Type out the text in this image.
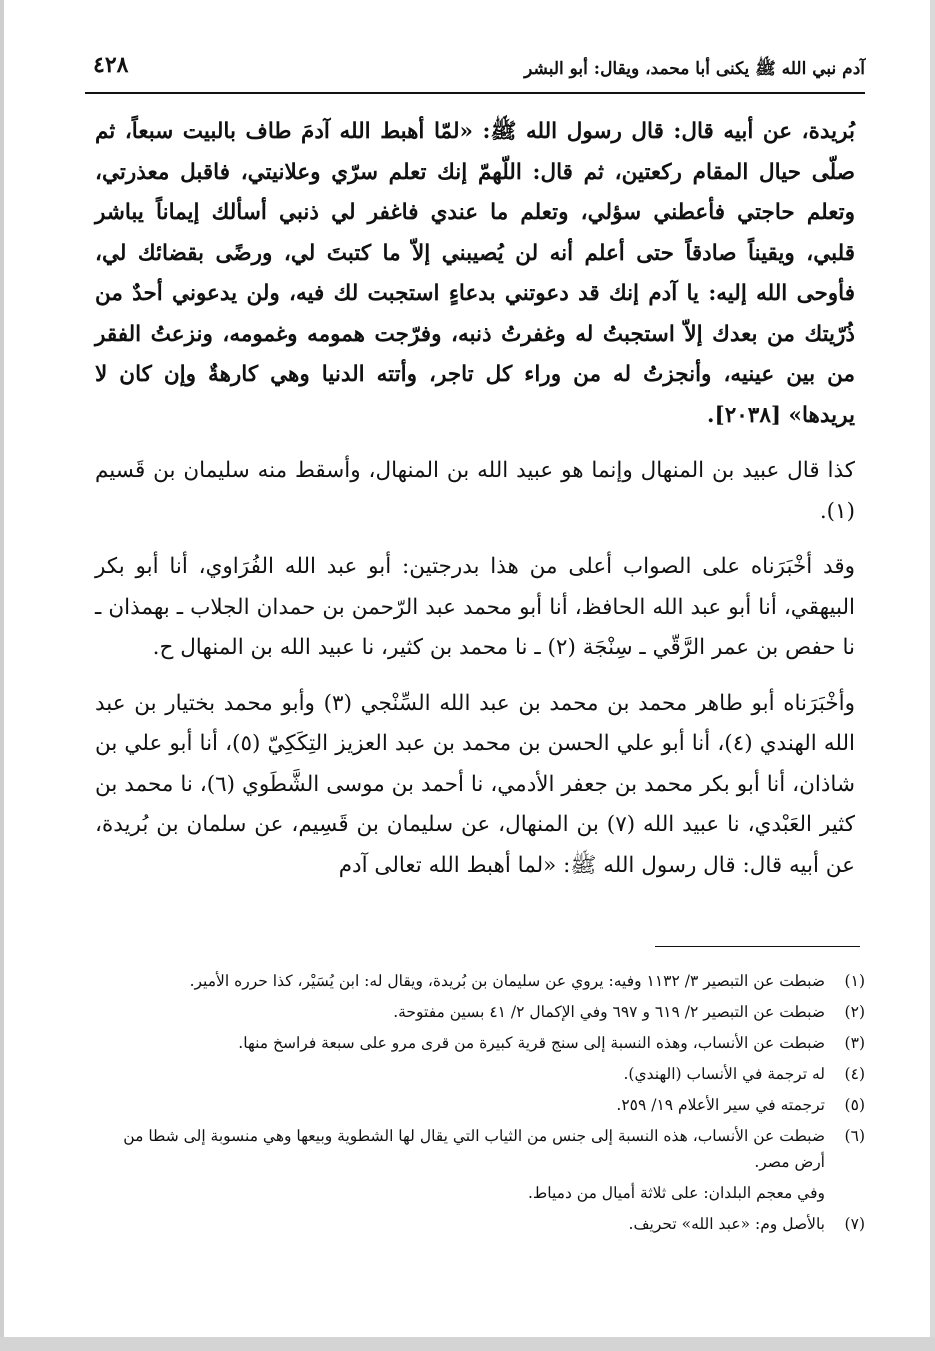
آدم نبي الله ﷺ يكنى أبا محمد، ويقال: أبو البشر
٤٢٨

بُريدة، عن أبيه قال: قال رسول الله ﷺ: «لمّا أهبط الله آدمَ طاف بالبيت سبعاً، ثم صلّى حيال المقام ركعتين، ثم قال: اللّهمّ إنك تعلم سرّي وعلانيتي، فاقبل معذرتي، وتعلم حاجتي فأعطني سؤلي، وتعلم ما عندي فاغفر لي ذنبي أسألك إيماناً يباشر قلبي، ويقيناً صادقاً حتى أعلم أنه لن يُصيبني إلاّ ما كتبتَ لي، ورضًى بقضائك لي، فأوحى الله إليه: يا آدم إنك قد دعوتني بدعاءٍ استجبت لك فيه، ولن يدعوني أحدٌ من ذُرّيتك من بعدك إلاّ استجبتُ له وغفرتُ ذنبه، وفرّجت همومه وغمومه، ونزعتُ الفقر من بين عينيه، وأنجزتُ له من وراء كل تاجر، وأتته الدنيا وهي كارهةٌ وإن كان لا يريدها» [٢٠٣٨].

كذا قال عبيد بن المنهال وإنما هو عبيد الله بن المنهال، وأسقط منه سليمان بن قَسيم (١).

وقد أخْبَرَناه على الصواب أعلى من هذا بدرجتين: أبو عبد الله الفُرَاوي، أنا أبو بكر البيهقي، أنا أبو عبد الله الحافظ، أنا أبو محمد عبد الرّحمن بن حمدان الجلاب ـ بهمذان ـ نا حفص بن عمر الرَّقّي ـ سِنْجَة (٢) ـ نا محمد بن كثير، نا عبيد الله بن المنهال ح.

وأخْبَرَناه أبو طاهر محمد بن محمد بن عبد الله السِّنْجي (٣) وأبو محمد بختيار بن عبد الله الهندي (٤)، أنا أبو علي الحسن بن محمد بن عبد العزيز التِكَكِيّ (٥)، أنا أبو علي بن شاذان، أنا أبو بكر محمد بن جعفر الأدمي، نا أحمد بن موسى الشَّطَوي (٦)، نا محمد بن كثير العَبْدي، نا عبيد الله (٧) بن المنهال، عن سليمان بن قَسِيم، عن سلمان بن بُريدة، عن أبيه قال: قال رسول الله ﷺ: «لما أهبط الله تعالى آدم

(١)
ضبطت عن التبصير ٣/ ١١٣٢ وفيه: يروي عن سليمان بن بُريدة، ويقال له: ابن يُسَيْر، كذا حرره الأمير.
(٢)
ضبطت عن التبصير ٢/ ٦١٩ و ٦٩٧ وفي الإكمال ٢/ ٤١ بسين مفتوحة.
(٣)
ضبطت عن الأنساب، وهذه النسبة إلى سنج قرية كبيرة من قرى مرو على سبعة فراسخ منها.
(٤)
له ترجمة في الأنساب (الهندي).
(٥)
ترجمته في سير الأعلام ١٩/ ٢٥٩.
(٦)
ضبطت عن الأنساب، هذه النسبة إلى جنس من الثياب التي يقال لها الشطوية وبيعها وهي منسوبة إلى شطا من أرض مصر.
وفي معجم البلدان: على ثلاثة أميال من دمياط.
(٧)
بالأصل وم: «عبد الله» تحريف.
